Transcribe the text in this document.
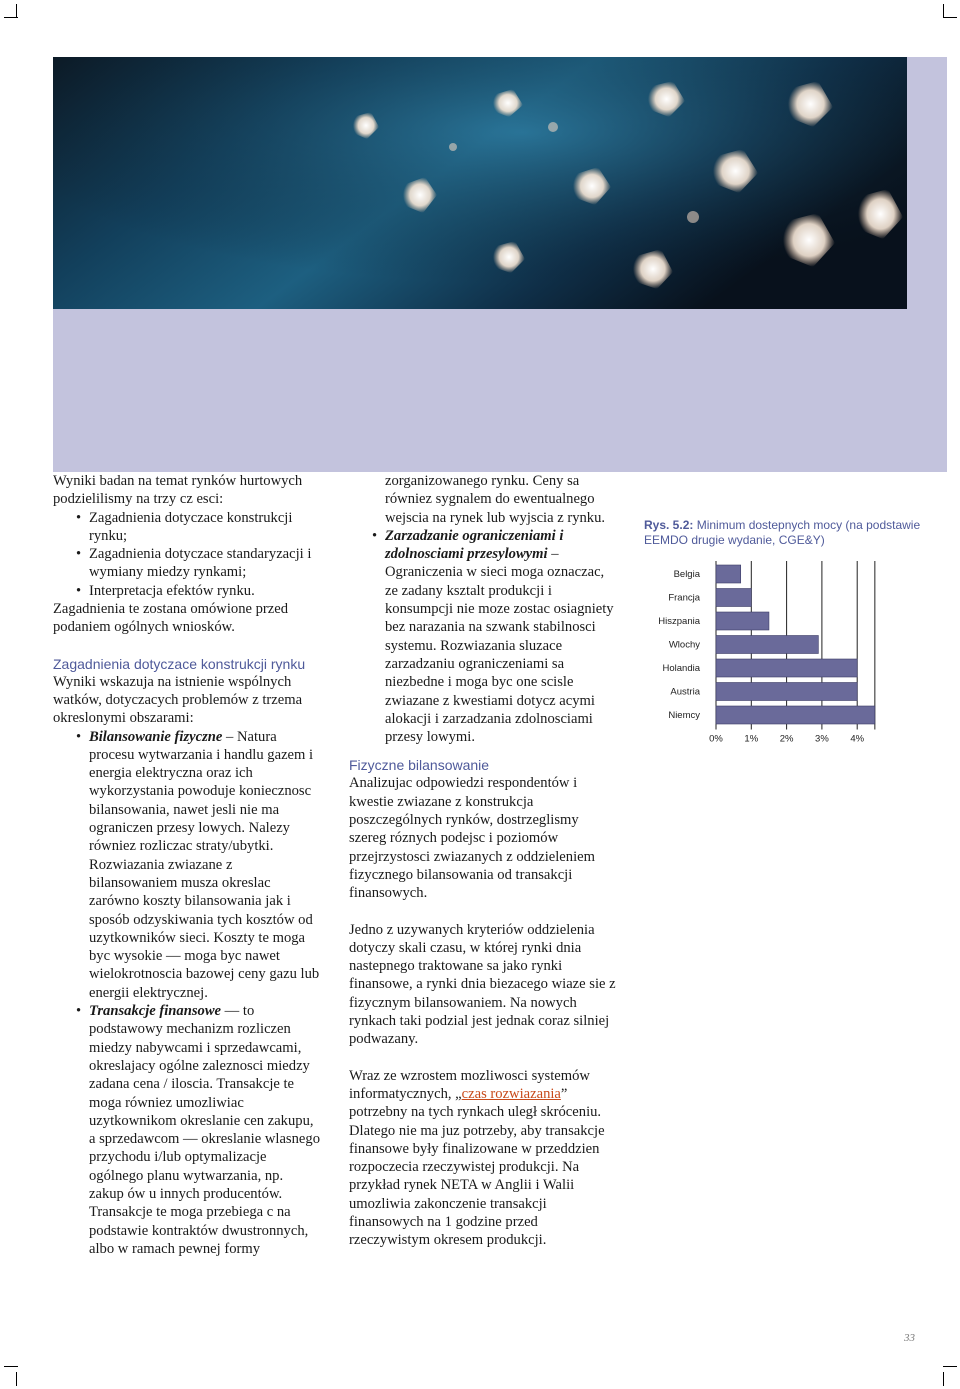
Wyniki badan na temat rynków hurtowych podzielilismy na trzy cz esci:

• Zagadnienia dotyczace konstrukcji rynku;
• Zagadnienia dotyczace standaryzacji i wymiany miedzy rynkami;
• Interpretacja efektów rynku.

Zagadnienia te zostana omówione przed podaniem ogólnych wniosków.

Zagadnienia dotyczace konstrukcji rynku

Wyniki wskazuja na istnienie wspólnych watków, dotyczacych problemów z trzema okreslonymi obszarami:

• Bilansowanie fizyczne – Natura procesu wytwarzania i handlu gazem i energia elektryczna oraz ich wykorzystania powoduje koniecznosc bilansowania, nawet jesli nie ma ograniczen przesy lowych. Nalezy równiez rozliczac straty/ubytki. Rozwiazania zwiazane z bilansowaniem musza okreslac zarówno koszty bilansowania jak i sposób odzyskiwania tych kosztów od uzytkowników sieci. Koszty te moga byc wysokie — moga byc nawet wielokrotnoscia bazowej ceny gazu lub energii elektrycznej.
• Transakcje finansowe — to podstawowy mechanizm rozliczen miedzy nabywcami i sprzedawcami, okreslajacy ogólne zaleznosci miedzy zadana cena / iloscia. Transakcje te moga równiez umozliwiac uzytkownikom okreslanie cen zakupu, a sprzedawcom — okreslanie wlasnego przychodu i/lub optymalizacje ogólnego planu wytwarzania, np. zakup ów u innych producentów. Transakcje te moga przebiega c na podstawie kontraktów dwustronnych, albo w ramach pewnej formy

zorganizowanego rynku. Ceny sa równiez sygnalem do ewentualnego wejscia na rynek lub wyjscia z rynku.

• Zarzadzanie ograniczeniami i zdolnosciami przesylowymi – Ograniczenia w sieci moga oznaczac, ze zadany ksztalt produkcji i konsumpcji nie moze zostac osiagniety bez narazania na szwank stabilnosci systemu. Rozwiazania sluzace zarzadzaniu ograniczeniami sa niezbedne i moga byc one scisle zwiazane z kwestiami dotycz acymi alokacji i zarzadzania zdolnosciami przesy lowymi.

Fizyczne bilansowanie

Analizujac odpowiedzi respondentów i kwestie zwiazane z konstrukcja poszczególnych rynków, dostrzeglismy szereg róznych podejsc i poziomów przejrzystosci zwiazanych z oddzieleniem fizycznego bilansowania od transakcji finansowych.

Jedno z uzywanych kryteriów oddzielenia dotyczy skali czasu, w której rynki dnia nastepnego traktowane sa jako rynki finansowe, a rynki dnia biezacego wiaze sie z fizycznym bilansowaniem. Na nowych rynkach taki podzial jest jednak coraz silniej podwazany.

Wraz ze wzrostem mozliwosci systemów informatycznych, „czas rozwiazania” potrzebny na tych rynkach uległ skróceniu. Dlatego nie ma juz potrzeby, aby transakcje finansowe były finalizowane w przeddzien rozpoczecia rzeczywistej produkcji. Na przykład rynek NETA w Anglii i Walii umozliwia zakonczenie transakcji finansowych na 1 godzine przed rzeczywistym okresem produkcji.

Rys. 5.2: Minimum dostepnych mocy (na podstawie EEMDO drugie wydanie, CGE&Y)
Belgia
Francja
Hiszpania
Wlochy
Holandia
Austria
Niemcy
0% 1% 2% 3% 4%
33
